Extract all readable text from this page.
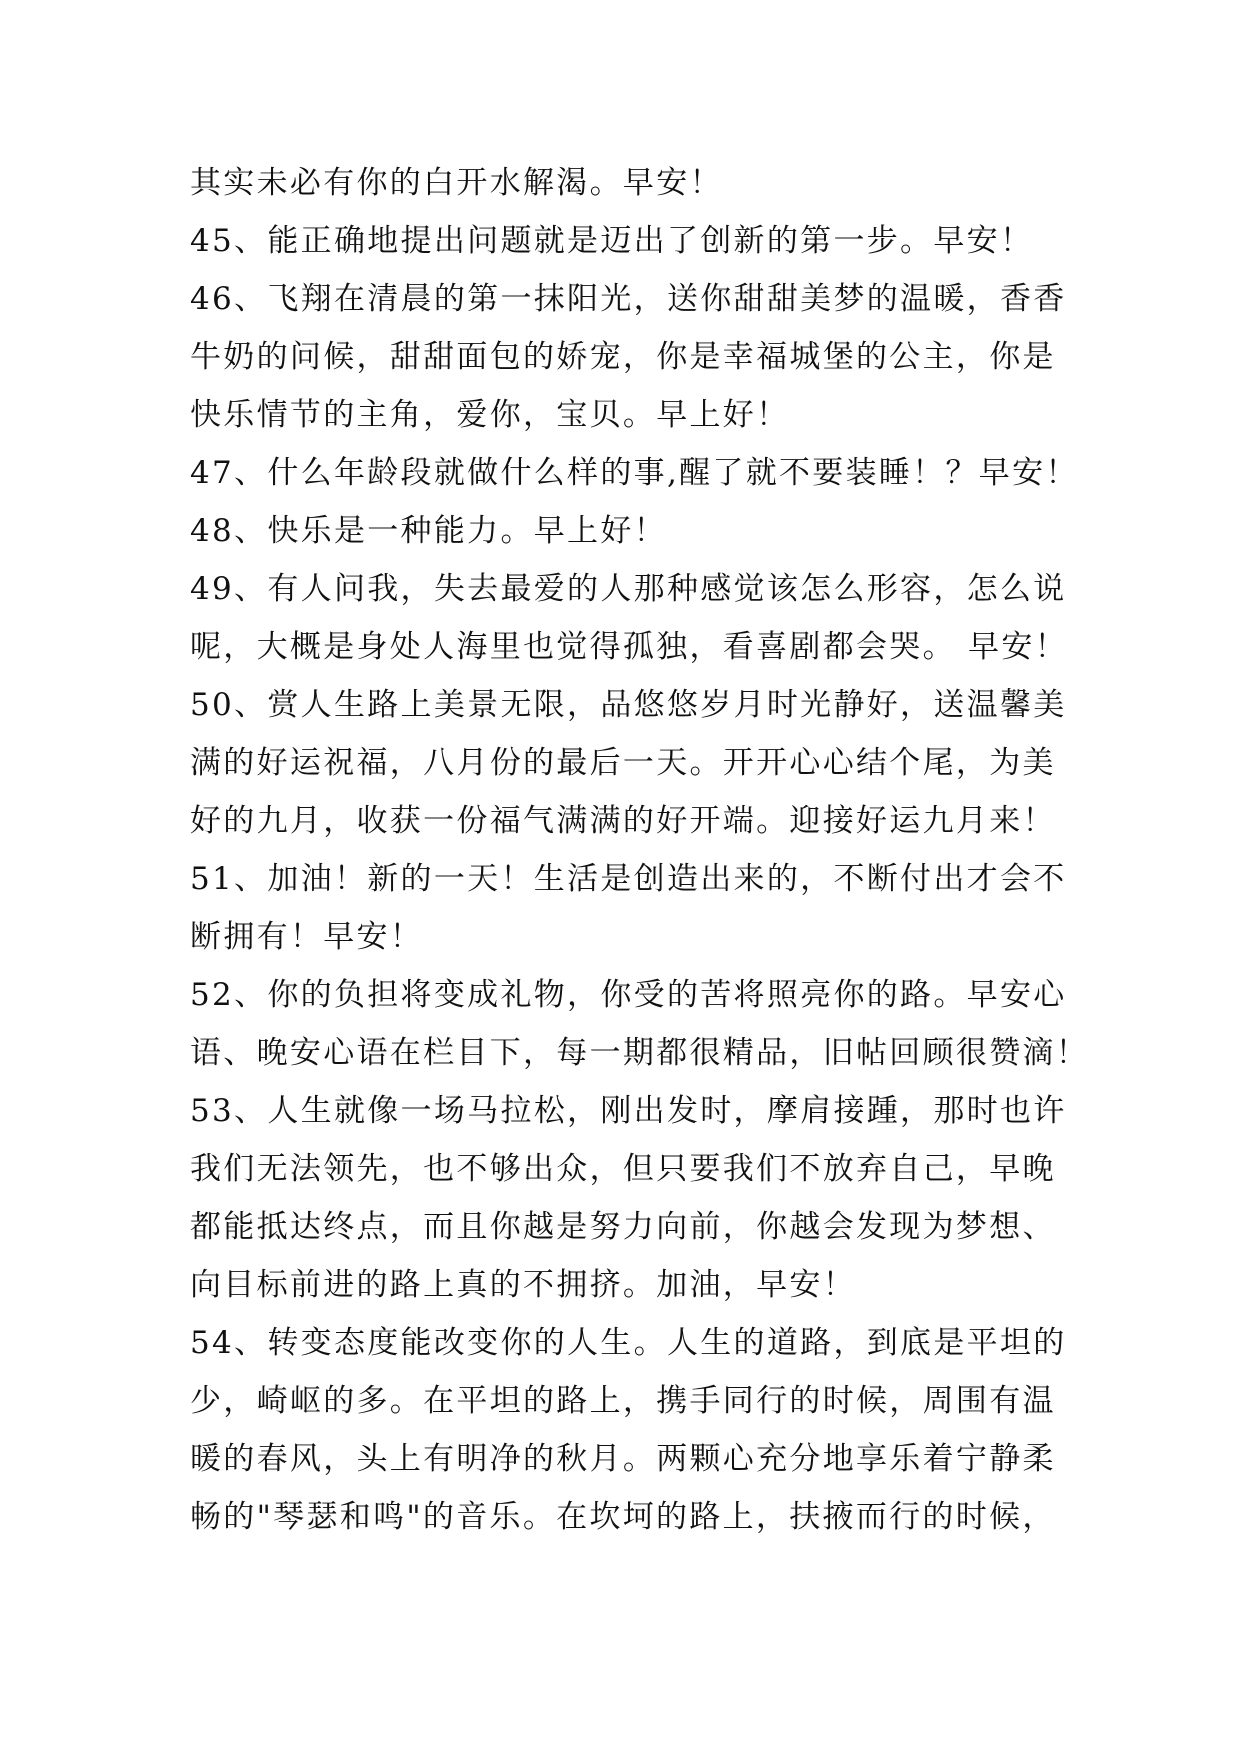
其实未必有你的白开水解渴。早安！
45、能正确地提出问题就是迈出了创新的第一步。早安！
46、飞翔在清晨的第一抹阳光，送你甜甜美梦的温暖，香香
牛奶的问候，甜甜面包的娇宠，你是幸福城堡的公主，你是
快乐情节的主角，爱你，宝贝。早上好！
47、什么年龄段就做什么样的事,醒了就不要装睡！？早安！
48、快乐是一种能力。早上好！
49、有人问我，失去最爱的人那种感觉该怎么形容，怎么说
呢，大概是身处人海里也觉得孤独，看喜剧都会哭。 早安！
50、赏人生路上美景无限，品悠悠岁月时光静好，送温馨美
满的好运祝福，八月份的最后一天。开开心心结个尾，为美
好的九月，收获一份福气满满的好开端。迎接好运九月来！
51、加油！新的一天！生活是创造出来的，不断付出才会不
断拥有！早安！
52、你的负担将变成礼物，你受的苦将照亮你的路。早安心
语、晚安心语在栏目下，每一期都很精品，旧帖回顾很赞滴！
53、人生就像一场马拉松，刚出发时，摩肩接踵，那时也许
我们无法领先，也不够出众，但只要我们不放弃自己，早晚
都能抵达终点，而且你越是努力向前，你越会发现为梦想、
向目标前进的路上真的不拥挤。加油，早安！
54、转变态度能改变你的人生。人生的道路，到底是平坦的
少，崎岖的多。在平坦的路上，携手同行的时候，周围有温
暖的春风，头上有明净的秋月。两颗心充分地享乐着宁静柔
畅的"琴瑟和鸣"的音乐。在坎坷的路上，扶掖而行的时候，
